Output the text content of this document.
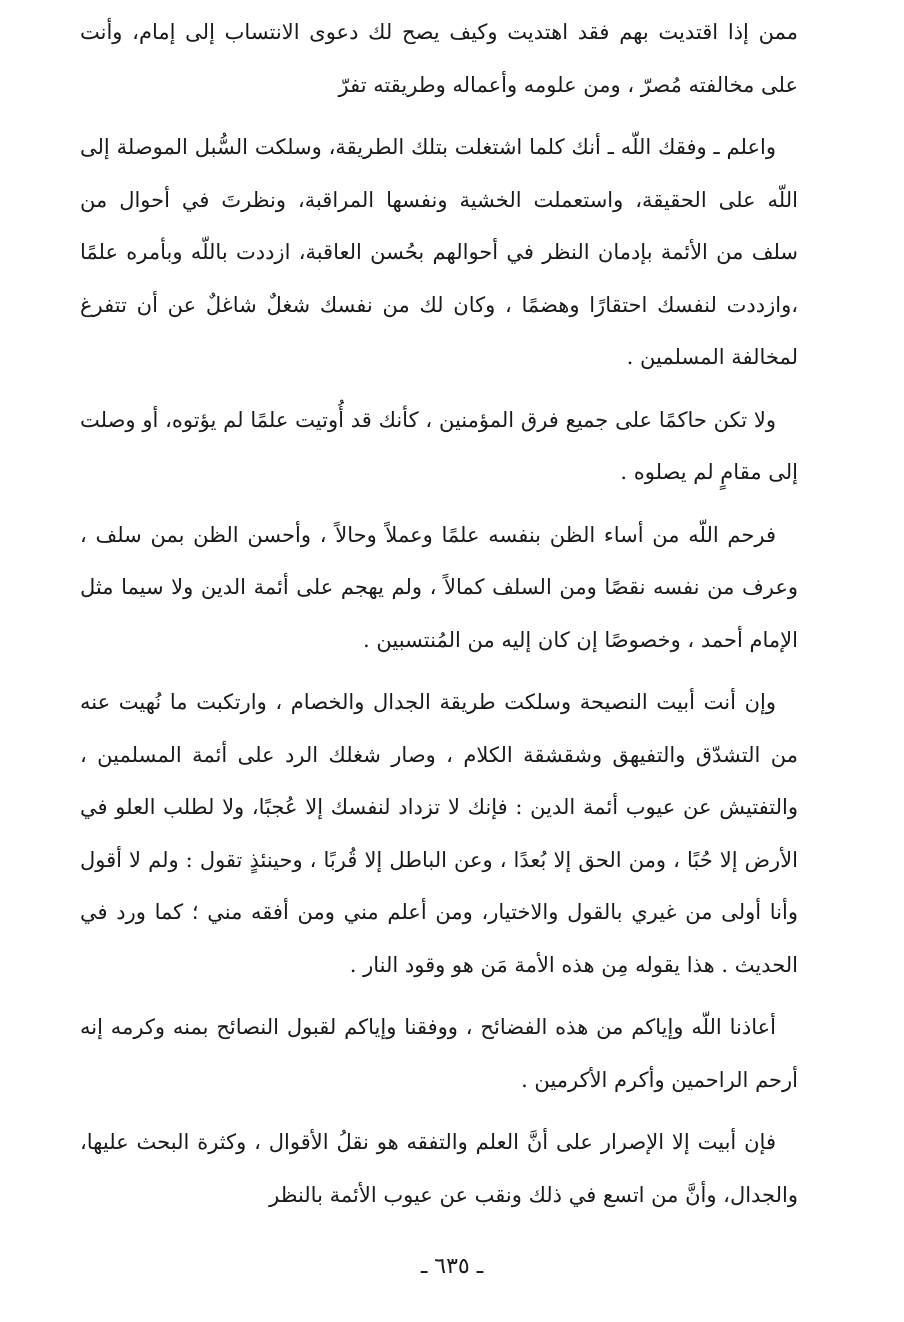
ممن إذا اقتديت بهم فقد اهتديت وكيف يصح لك دعوى الانتساب إلى إمام، وأنت على مخالفته مُصرّ ، ومن علومه وأعماله وطريقته تفرّ

واعلم ـ وفقك اللّه ـ أنك كلما اشتغلت بتلك الطريقة، وسلكت السُّبل الموصلة إلى اللّه على الحقيقة، واستعملت الخشية ونفسها المراقبة، ونظرتَ في أحوال من سلف من الأئمة بإدمان النظر في أحوالهم بحُسن العاقبة، ازددت باللّه وبأمره علمًا ،وازددت لنفسك احتقارًا وهضمًا ، وكان لك من نفسك شغلٌ شاغلٌ عن أن تتفرغ لمخالفة المسلمين .

ولا تكن حاكمًا على جميع فرق المؤمنين ، كأنك قد أُوتيت علمًا لم يؤتوه، أو وصلت إلى مقامٍ لم يصلوه .

فرحم اللّه من أساء الظن بنفسه علمًا وعملاً وحالاً ، وأحسن الظن بمن سلف ، وعرف من نفسه نقصًا ومن السلف كمالاً ، ولم يهجم على أئمة الدين ولا سيما مثل الإمام أحمد ، وخصوصًا إن كان إليه من المُنتسبين .

وإن أنت أبيت النصيحة وسلكت طريقة الجدال والخصام ، وارتكبت ما نُهيت عنه من التشدّق والتفيهق وشقشقة الكلام ، وصار شغلك الرد على أئمة المسلمين ، والتفتيش عن عيوب أئمة الدين : فإنك لا تزداد لنفسك إلا عُجبًا، ولا لطلب العلو في الأرض إلا حُبًا ، ومن الحق إلا بُعدًا ، وعن الباطل إلا قُربًا ، وحينئذٍ تقول : ولم لا أقول وأنا أولى من غيري بالقول والاختيار، ومن أعلم مني ومن أفقه مني ؛ كما ورد في الحديث . هذا يقوله مِن هذه الأمة مَن هو وقود النار .

أعاذنا اللّه وإياكم من هذه الفضائح ، ووفقنا وإياكم لقبول النصائح بمنه وكرمه إنه أرحم الراحمين وأكرم الأكرمين .

فإن أبيت إلا الإصرار على أنَّ العلم والتفقه هو نقلُ الأقوال ، وكثرة البحث عليها، والجدال، وأنَّ من اتسع في ذلك ونقب عن عيوب الأئمة بالنظر

ـ ٦٣٥ ـ
